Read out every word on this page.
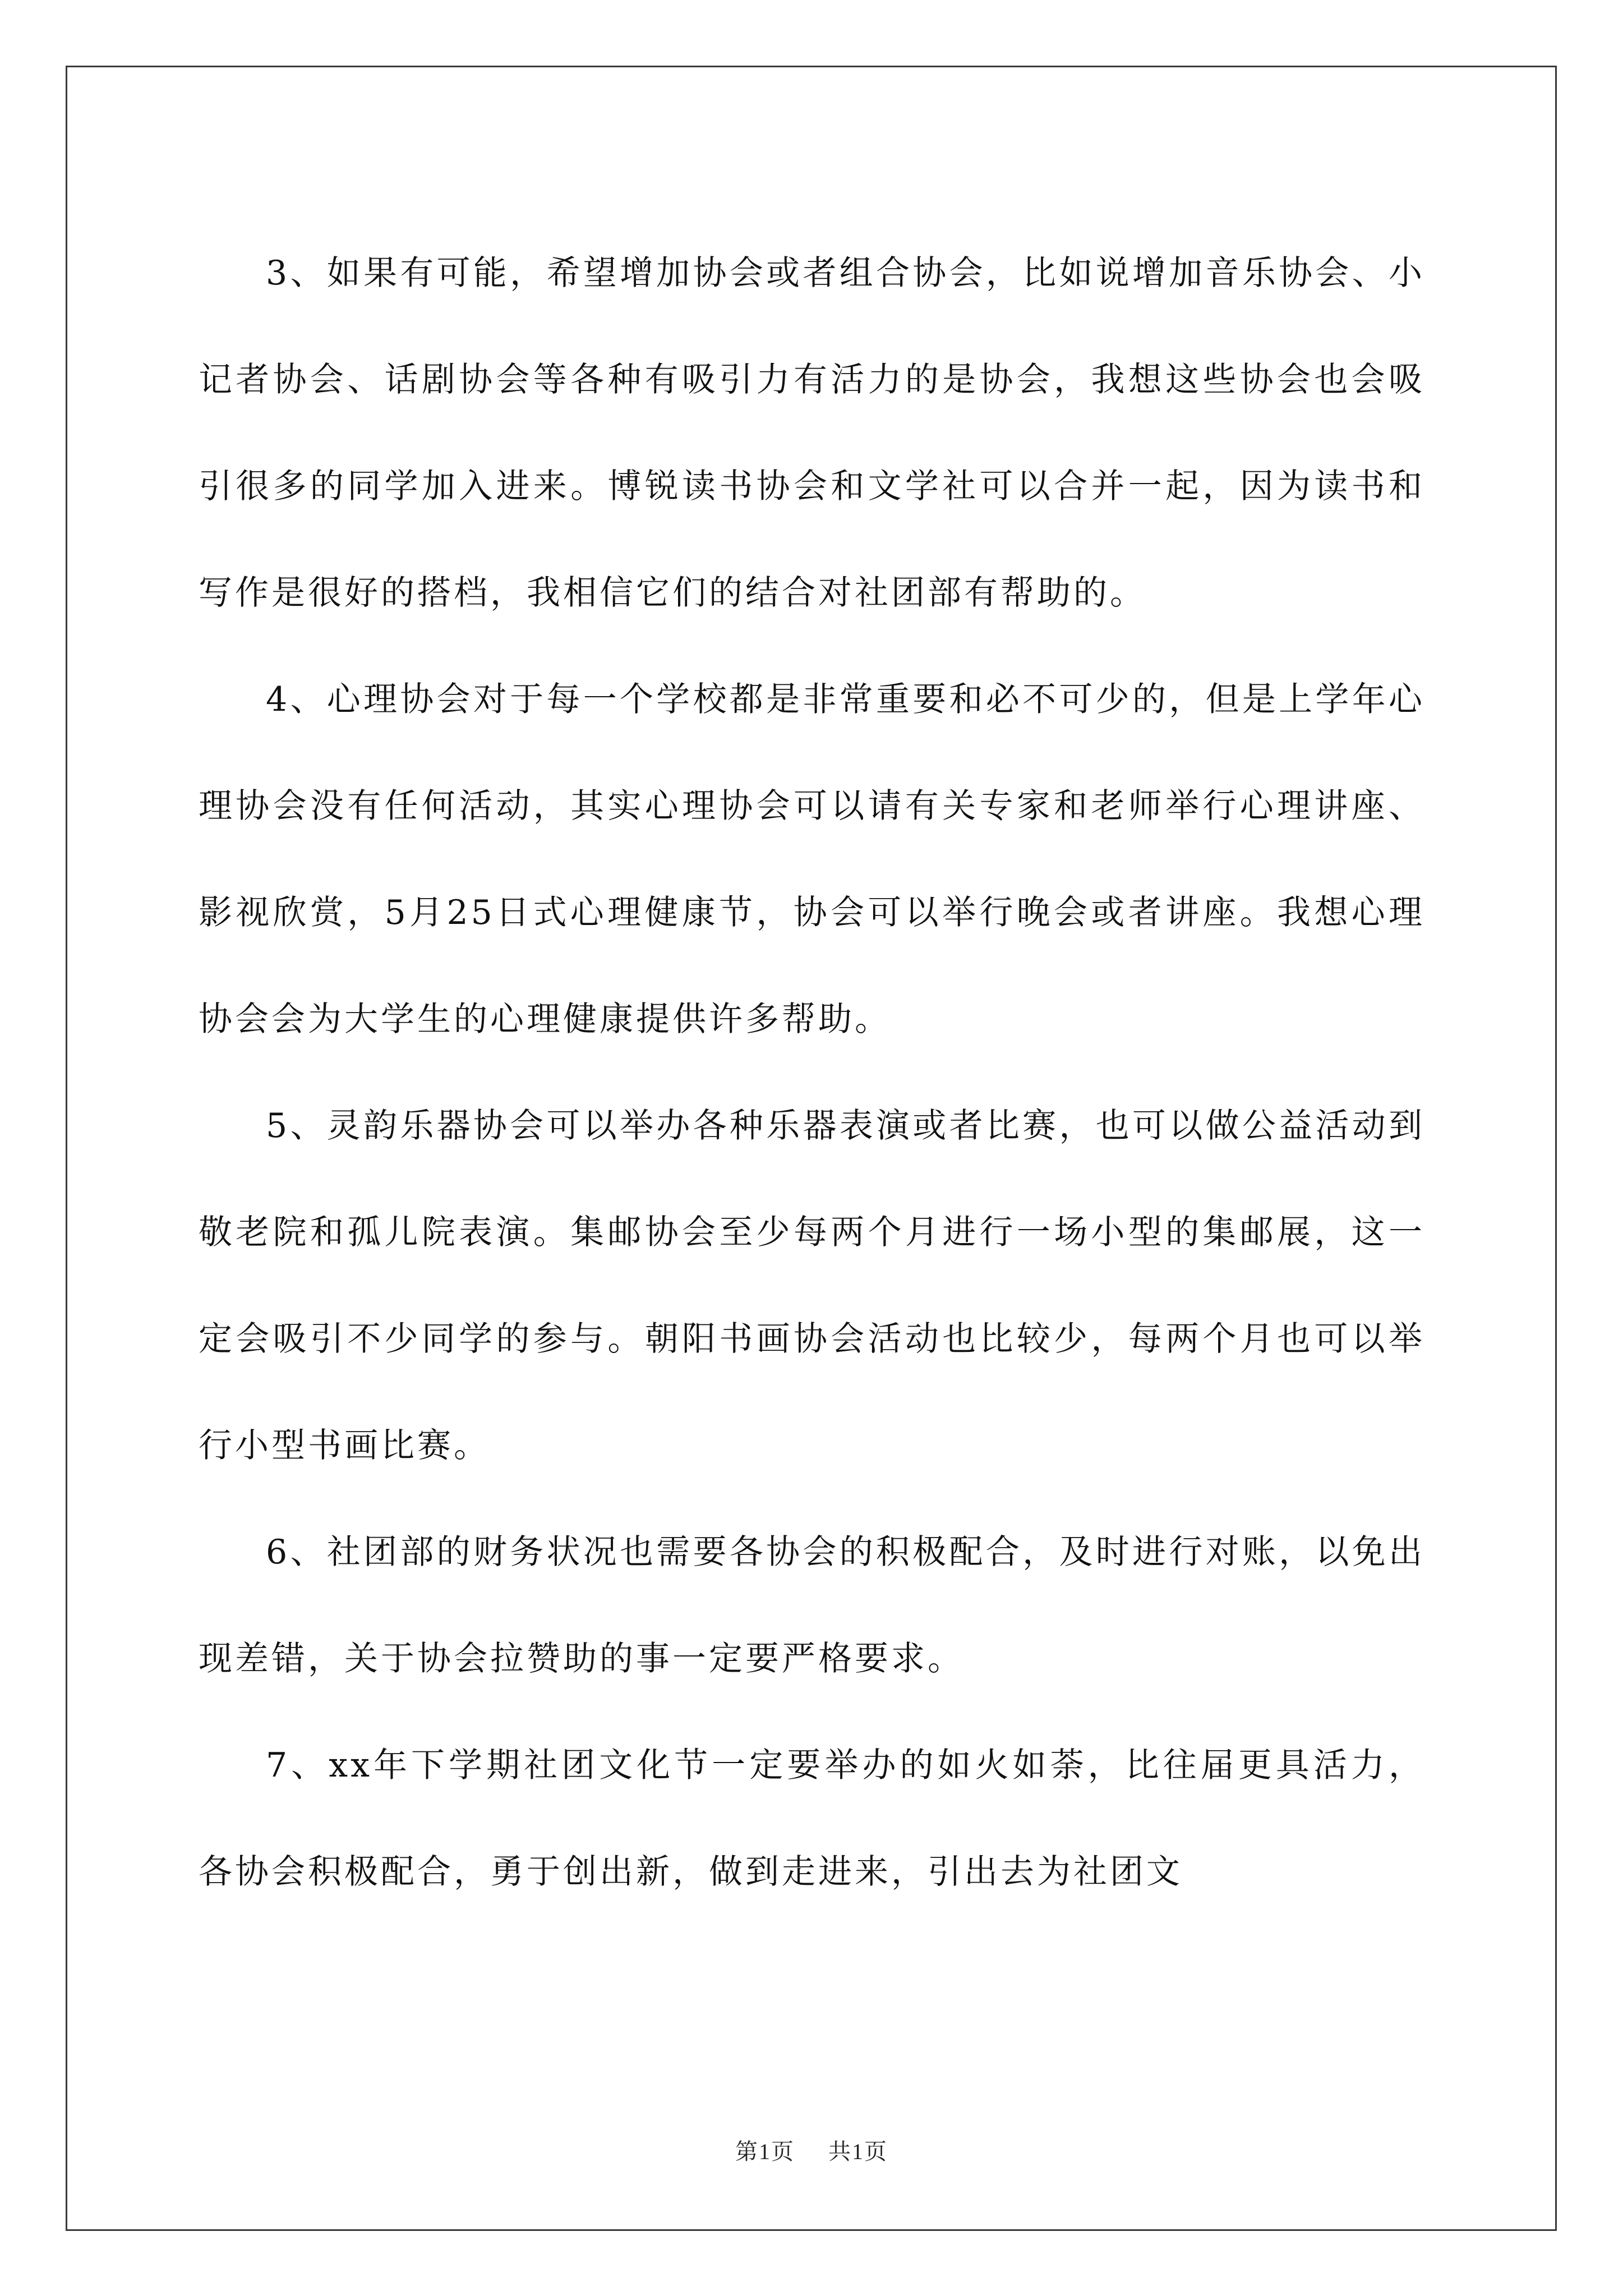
3、如果有可能，希望增加协会或者组合协会，比如说增加音乐协会、小记者协会、话剧协会等各种有吸引力有活力的是协会，我想这些协会也会吸引很多的同学加入进来。博锐读书协会和文学社可以合并一起，因为读书和写作是很好的搭档，我相信它们的结合对社团部有帮助的。

4、心理协会对于每一个学校都是非常重要和必不可少的，但是上学年心理协会没有任何活动，其实心理协会可以请有关专家和老师举行心理讲座、影视欣赏，5月25日式心理健康节，协会可以举行晚会或者讲座。我想心理协会会为大学生的心理健康提供许多帮助。

5、灵韵乐器协会可以举办各种乐器表演或者比赛，也可以做公益活动到敬老院和孤儿院表演。集邮协会至少每两个月进行一场小型的集邮展，这一定会吸引不少同学的参与。朝阳书画协会活动也比较少，每两个月也可以举行小型书画比赛。

6、社团部的财务状况也需要各协会的积极配合，及时进行对账，以免出现差错，关于协会拉赞助的事一定要严格要求。

7、xx年下学期社团文化节一定要举办的如火如荼，比往届更具活力，各协会积极配合，勇于创出新，做到走进来，引出去为社团文

第1页 共1页
